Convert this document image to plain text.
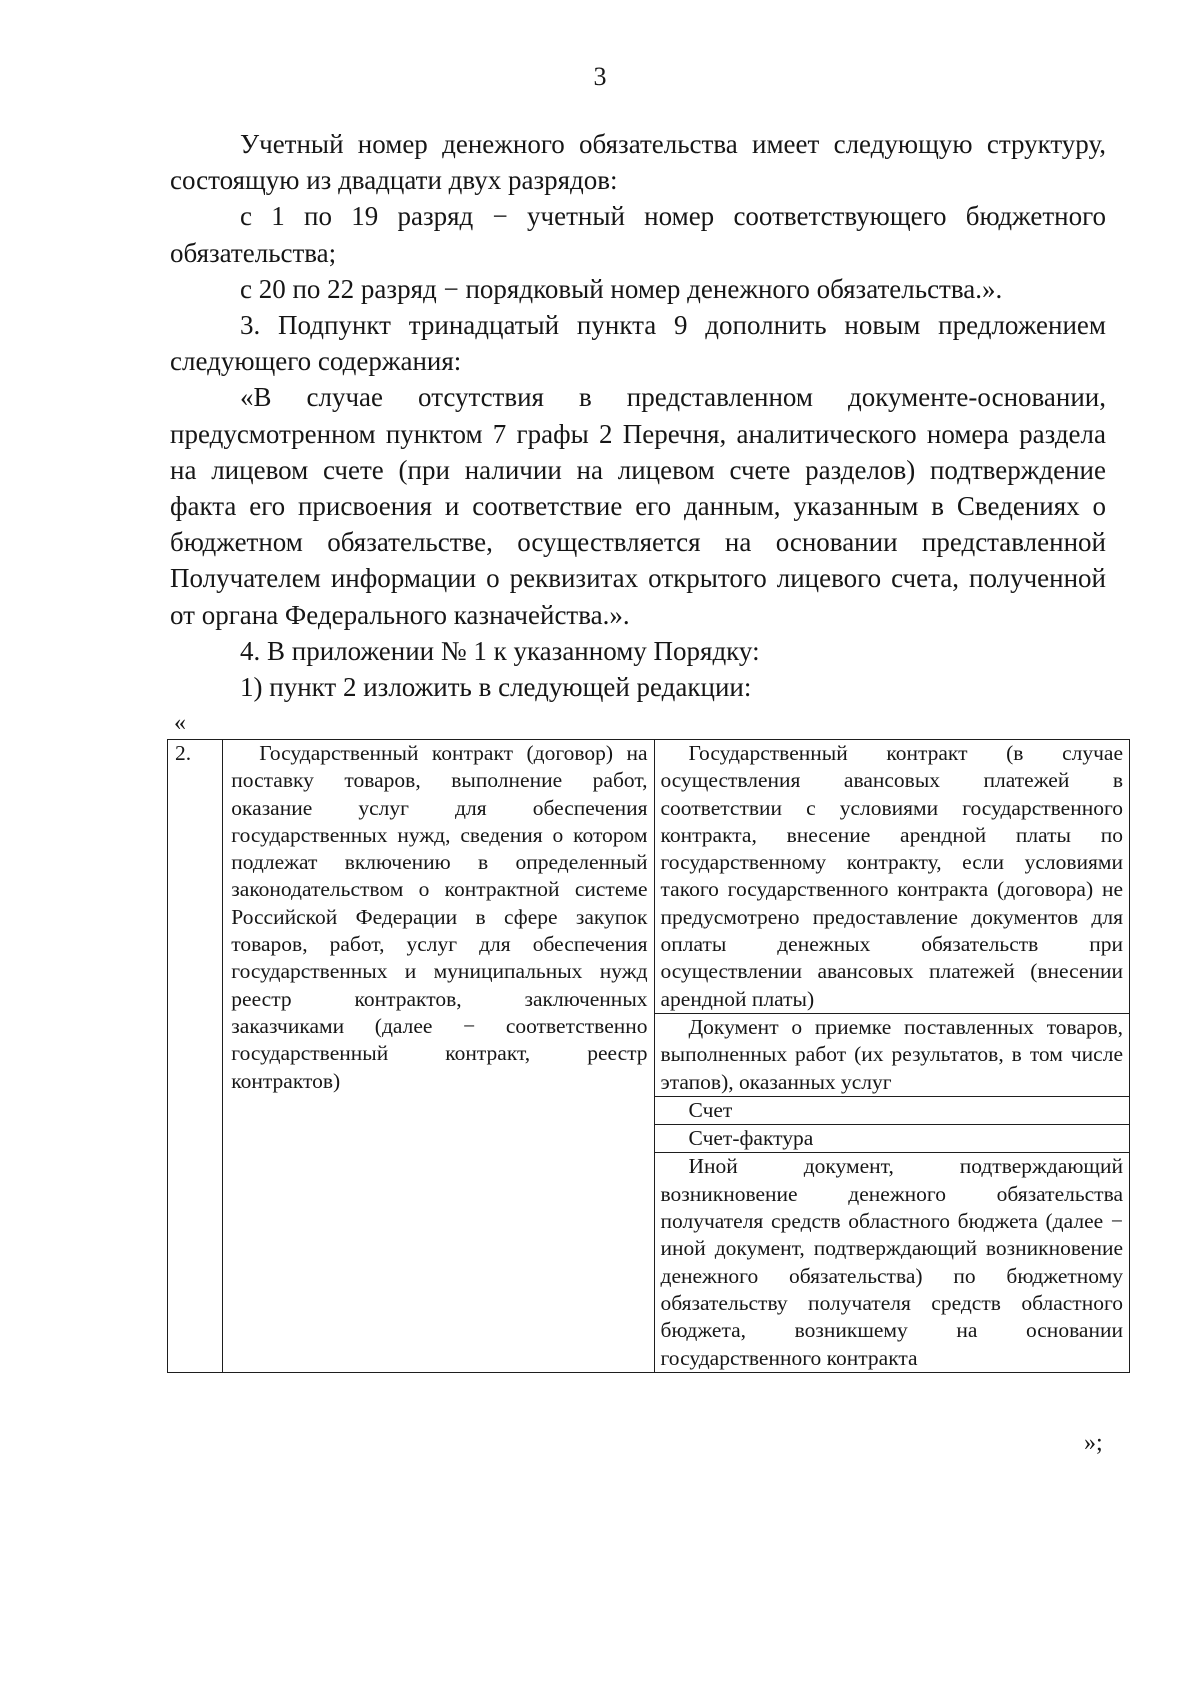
3

Учетный номер денежного обязательства имеет следующую структуру, состоящую из двадцати двух разрядов:

с 1 по 19 разряд − учетный номер соответствующего бюджетного обязательства;

с 20 по 22 разряд − порядковый номер денежного обязательства.».

3. Подпункт тринадцатый пункта 9 дополнить новым предложением следующего содержания:

«В случае отсутствия в представленном документе-основании, предусмотренном пунктом 7 графы 2 Перечня, аналитического номера раздела на лицевом счете (при наличии на лицевом счете разделов) подтверждение факта его присвоения и соответствие его данным, указанным в Сведениях о бюджетном обязательстве, осуществляется на основании представленной Получателем информации о реквизитах открытого лицевого счета, полученной от органа Федерального казначейства.».

4. В приложении № 1 к указанному Порядку:

1) пункт 2 изложить в следующей редакции:

«
2.	Государственный контракт (договор) на поставку товаров, выполнение работ, оказание услуг для обеспечения государственных нужд, сведения о котором подлежат включению в определенный законодательством о контрактной системе Российской Федерации в сфере закупок товаров, работ, услуг для обеспечения государственных и муниципальных нужд реестр контрактов, заключенных заказчиками (далее − соответственно государственный контракт, реестр контрактов)	Государственный контракт (в случае осуществления авансовых платежей в соответствии с условиями государственного контракта, внесение арендной платы по государственному контракту, если условиями такого государственного контракта (договора) не предусмотрено предоставление документов для оплаты денежных обязательств при осуществлении авансовых платежей (внесении арендной платы)
Документ о приемке поставленных товаров, выполненных работ (их результатов, в том числе этапов), оказанных услуг
Счет
Счет-фактура
Иной документ, подтверждающий возникновение денежного обязательства получателя средств областного бюджета (далее − иной документ, подтверждающий возникновение денежного обязательства) по бюджетному обязательству получателя средств областного бюджета, возникшему на основании государственного контракта
»;
